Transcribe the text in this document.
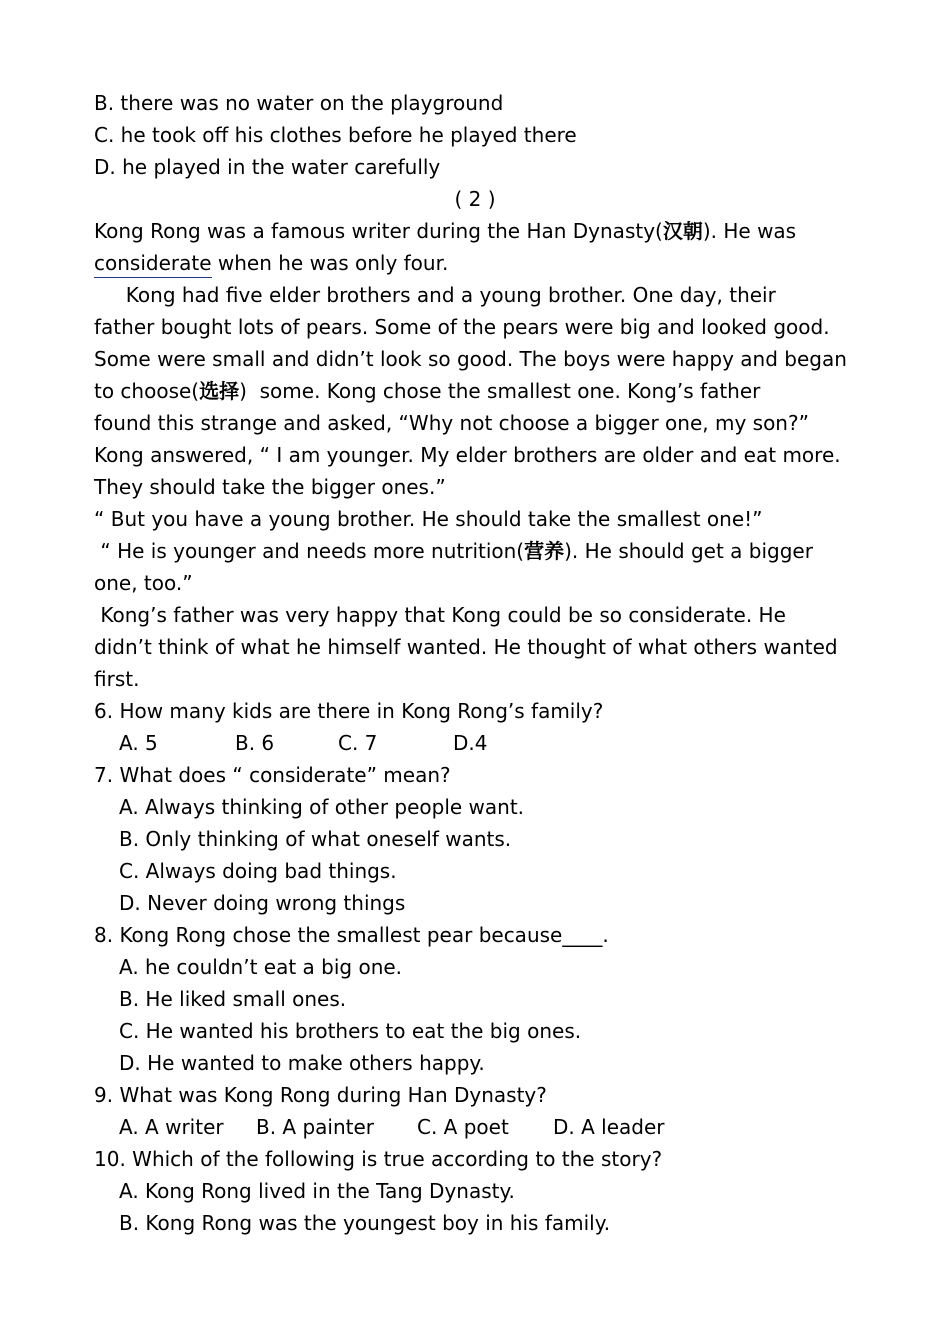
B. there was no water on the playground
C. he took off his clothes before he played there
D. he played in the water carefully
( 2 )
Kong Rong was a famous writer during the Han Dynasty(汉朝). He was
considerate when he was only four.
Kong had five elder brothers and a young brother. One day, their
father bought lots of pears. Some of the pears were big and looked good.
Some were small and didn’t look so good. The boys were happy and began
to choose(选择)  some. Kong chose the smallest one. Kong’s father
found this strange and asked, “Why not choose a bigger one, my son?”
Kong answered, “ I am younger. My elder brothers are older and eat more.
They should take the bigger ones.”
“ But you have a young brother. He should take the smallest one!”
“ He is younger and needs more nutrition(营养). He should get a bigger
one, too.”
Kong’s father was very happy that Kong could be so considerate. He
didn’t think of what he himself wanted. He thought of what others wanted
first.
6. How many kids are there in Kong Rong’s family?
A. 5	B. 6	C. 7	D.4
7. What does “ considerate” mean?
A. Always thinking of other people want.
B. Only thinking of what oneself wants.
C. Always doing bad things.
D. Never doing wrong things
8. Kong Rong chose the smallest pear because____.
A. he couldn’t eat a big one.
B. He liked small ones.
C. He wanted his brothers to eat the big ones.
D. He wanted to make others happy.
9. What was Kong Rong during Han Dynasty?
A. A writer B. A painter C. A poet D. A leader
10. Which of the following is true according to the story?
A. Kong Rong lived in the Tang Dynasty.
B. Kong Rong was the youngest boy in his family.
